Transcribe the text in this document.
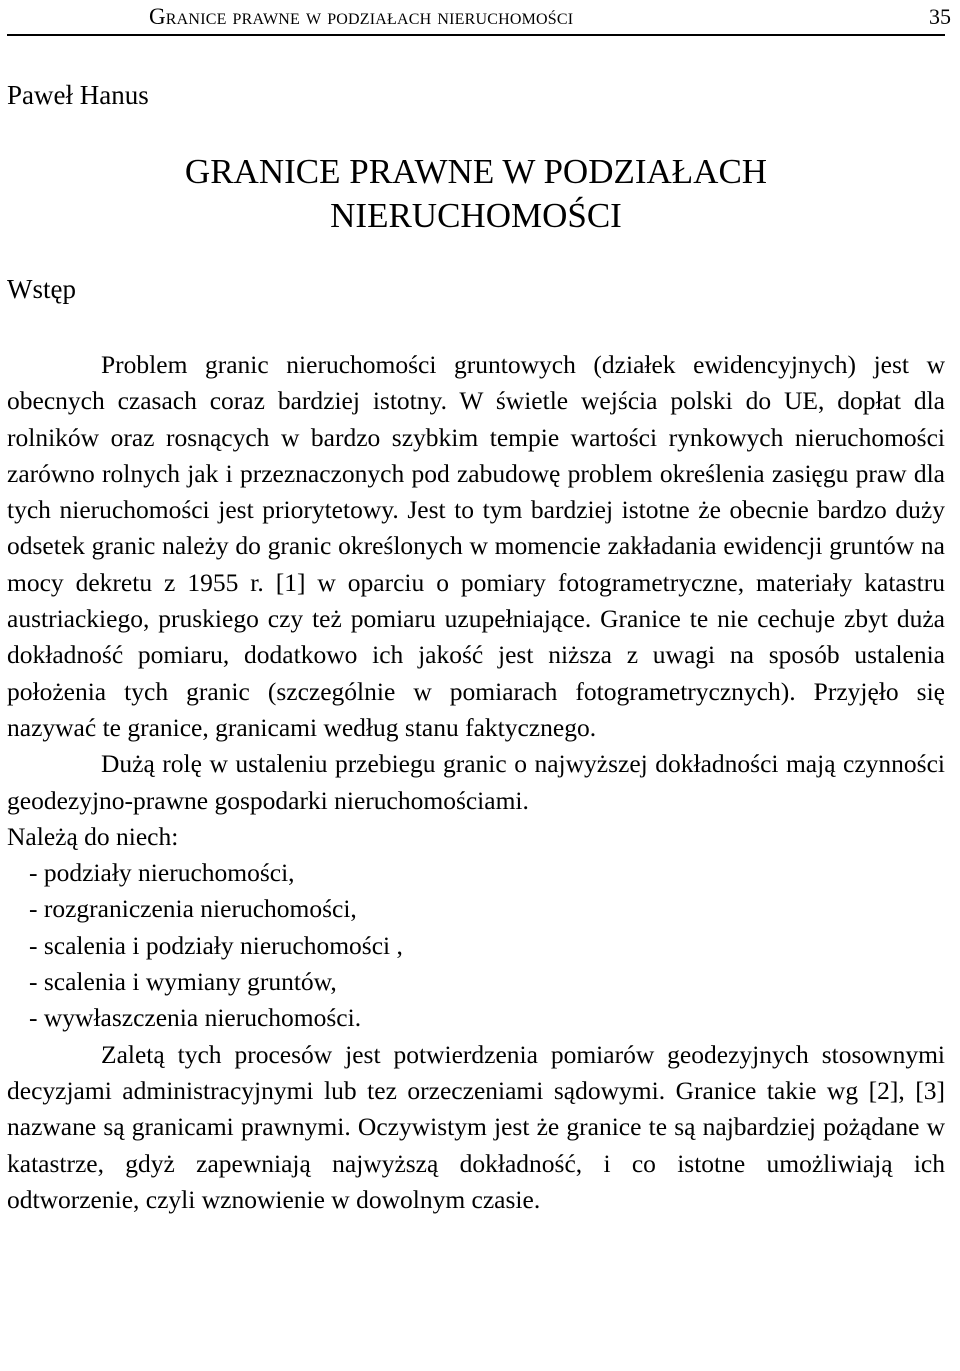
Granice prawne w podziałach nieruchomości	35
Paweł Hanus
GRANICE PRAWNE W PODZIAŁACH
NIERUCHOMOŚCI
Wstęp

Problem granic nieruchomości gruntowych (działek ewidencyjnych) jest w obecnych czasach coraz bardziej istotny. W świetle wejścia polski do UE, dopłat dla rolników oraz rosnących w bardzo szybkim tempie wartości rynkowych nieruchomości zarówno rolnych jak i przeznaczonych pod zabudowę problem określenia zasięgu praw dla tych nieruchomości jest priorytetowy. Jest to tym bardziej istotne że obecnie bardzo duży odsetek granic należy do granic określonych w momencie zakładania ewidencji gruntów na mocy dekretu z 1955 r. [1] w oparciu o pomiary fotogrametryczne, materiały katastru austriackiego, pruskiego czy też pomiaru uzupełniające. Granice te nie cechuje zbyt duża dokładność pomiaru, dodatkowo ich jakość jest niższa z uwagi na sposób ustalenia położenia tych granic (szczególnie w pomiarach fotogrametrycznych). Przyjęło się nazywać te granice, granicami według stanu faktycznego.

Dużą rolę w ustaleniu przebiegu granic o najwyższej dokładności mają czynności geodezyjno-prawne gospodarki nieruchomościami.

Należą do niech:

- podziały nieruchomości,
- rozgraniczenia nieruchomości,
- scalenia i podziały nieruchomości ,
- scalenia i wymiany gruntów,
- wywłaszczenia nieruchomości.

Zaletą tych procesów jest potwierdzenia pomiarów geodezyjnych stosownymi decyzjami administracyjnymi lub tez orzeczeniami sądowymi. Granice takie wg [2], [3] nazwane są granicami prawnymi. Oczywistym jest że granice te są najbardziej pożądane w katastrze, gdyż zapewniają najwyższą dokładność, i co istotne umożliwiają ich odtworzenie, czyli wznowienie w dowolnym czasie.
